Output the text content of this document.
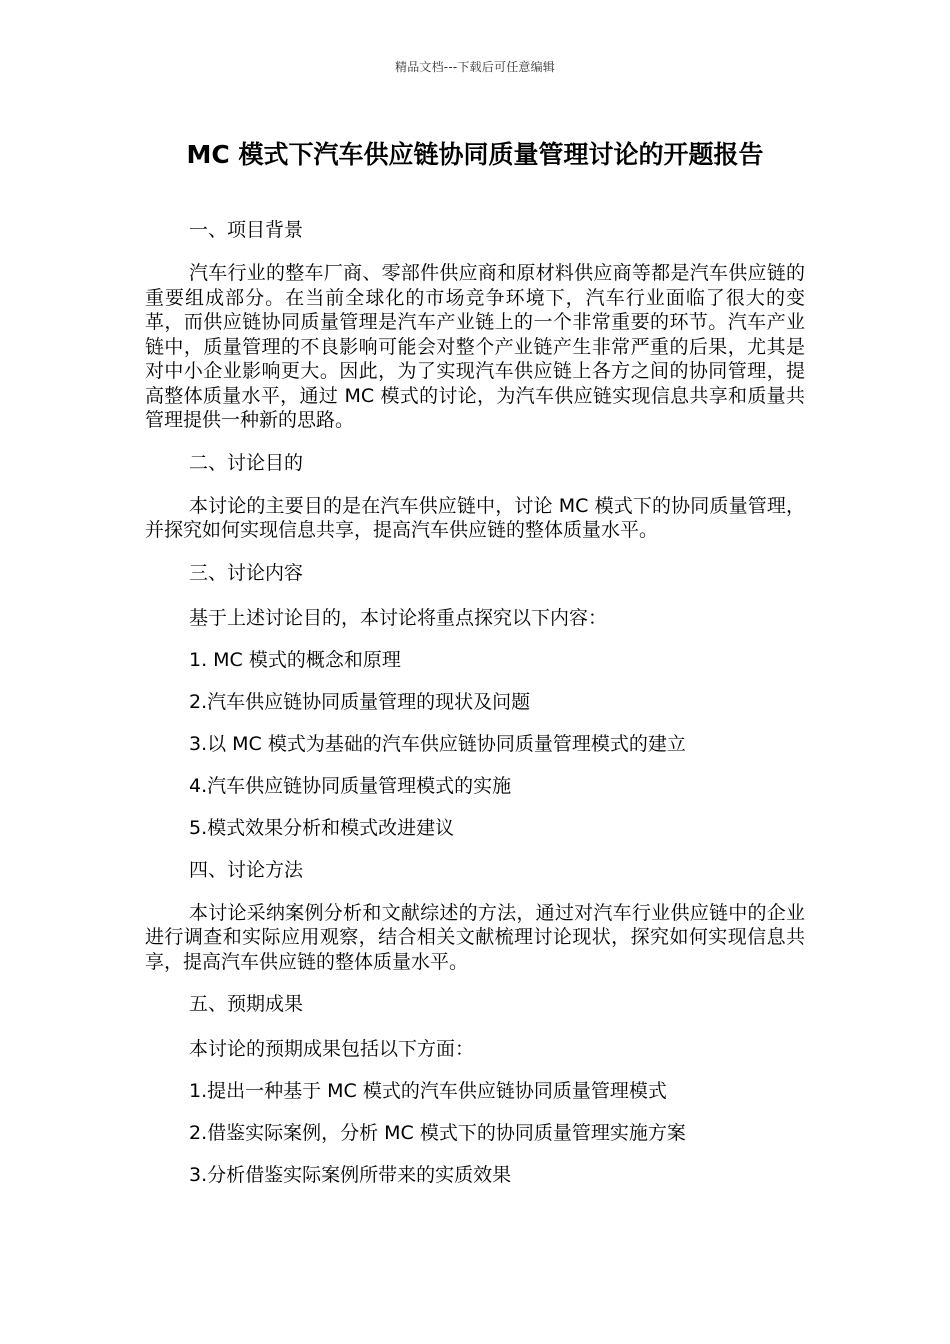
精品文档---下载后可任意编辑
MC 模式下汽车供应链协同质量管理讨论的开题报告

一、项目背景

汽车行业的整车厂商、零部件供应商和原材料供应商等都是汽车供应链的重要组成部分。在当前全球化的市场竞争环境下，汽车行业面临了很大的变革，而供应链协同质量管理是汽车产业链上的一个非常重要的环节。汽车产业链中，质量管理的不良影响可能会对整个产业链产生非常严重的后果，尤其是对中小企业影响更大。因此，为了实现汽车供应链上各方之间的协同管理，提高整体质量水平，通过 MC 模式的讨论，为汽车供应链实现信息共享和质量共管理提供一种新的思路。

二、讨论目的

本讨论的主要目的是在汽车供应链中，讨论 MC 模式下的协同质量管理，并探究如何实现信息共享，提高汽车供应链的整体质量水平。

三、讨论内容

基于上述讨论目的，本讨论将重点探究以下内容：

1. MC 模式的概念和原理

2.汽车供应链协同质量管理的现状及问题

3.以 MC 模式为基础的汽车供应链协同质量管理模式的建立

4.汽车供应链协同质量管理模式的实施

5.模式效果分析和模式改进建议

四、讨论方法

本讨论采纳案例分析和文献综述的方法，通过对汽车行业供应链中的企业进行调查和实际应用观察，结合相关文献梳理讨论现状，探究如何实现信息共享，提高汽车供应链的整体质量水平。

五、预期成果

本讨论的预期成果包括以下方面：

1.提出一种基于 MC 模式的汽车供应链协同质量管理模式

2.借鉴实际案例，分析 MC 模式下的协同质量管理实施方案

3.分析借鉴实际案例所带来的实质效果
